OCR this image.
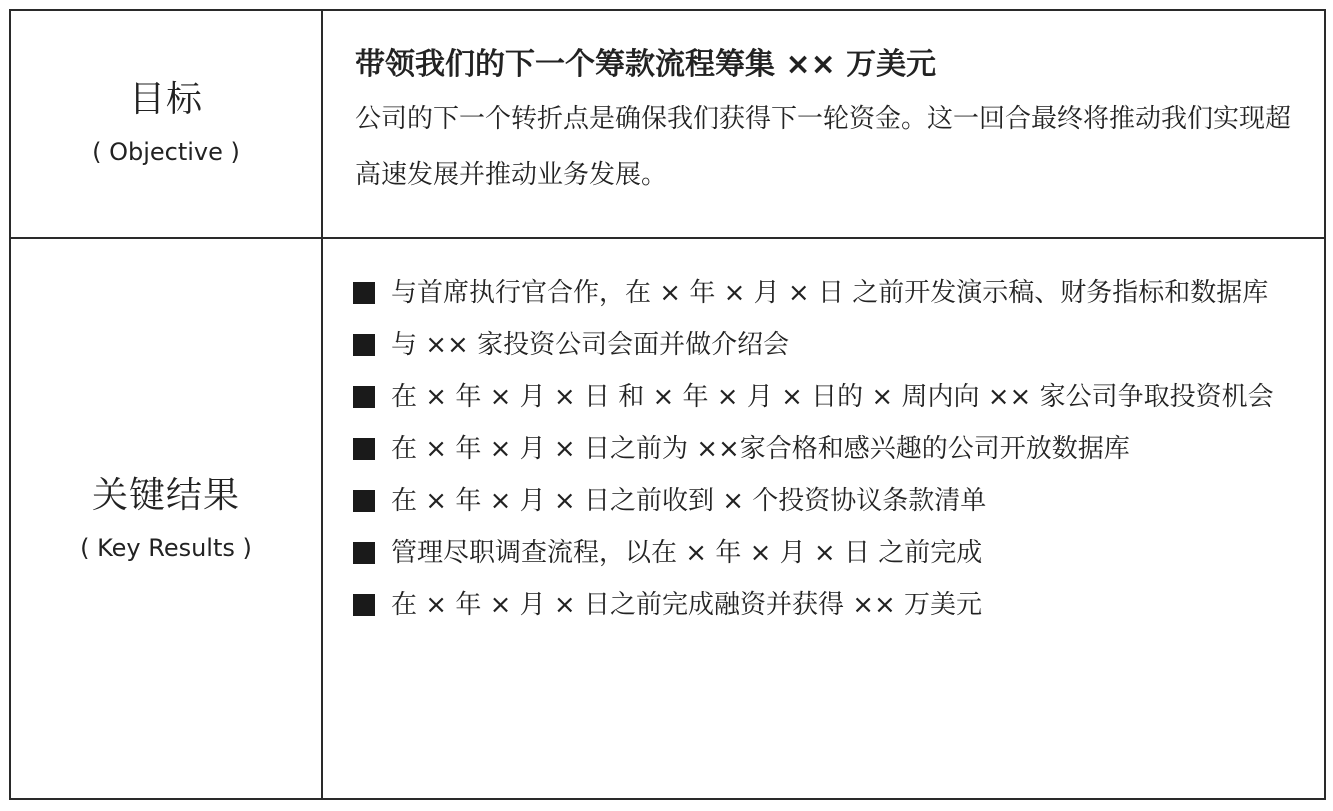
目标
( Objective )

带领我们的下一个筹款流程筹集 ×× 万美元

公司的下一个转折点是确保我们获得下一轮资金。这一回合最终将推动我们实现超高速发展并推动业务发展。

关键结果
( Key Results )
与首席执行官合作，在 × 年 × 月 × 日 之前开发演示稿、财务指标和数据库
与 ×× 家投资公司会面并做介绍会
在 × 年 × 月 × 日 和 × 年 × 月 × 日的 × 周内向 ×× 家公司争取投资机会
在 × 年 × 月 × 日之前为 ××家合格和感兴趣的公司开放数据库
在 × 年 × 月 × 日之前收到 × 个投资协议条款清单
管理尽职调查流程，以在 × 年 × 月 × 日 之前完成
在 × 年 × 月 × 日之前完成融资并获得 ×× 万美元
